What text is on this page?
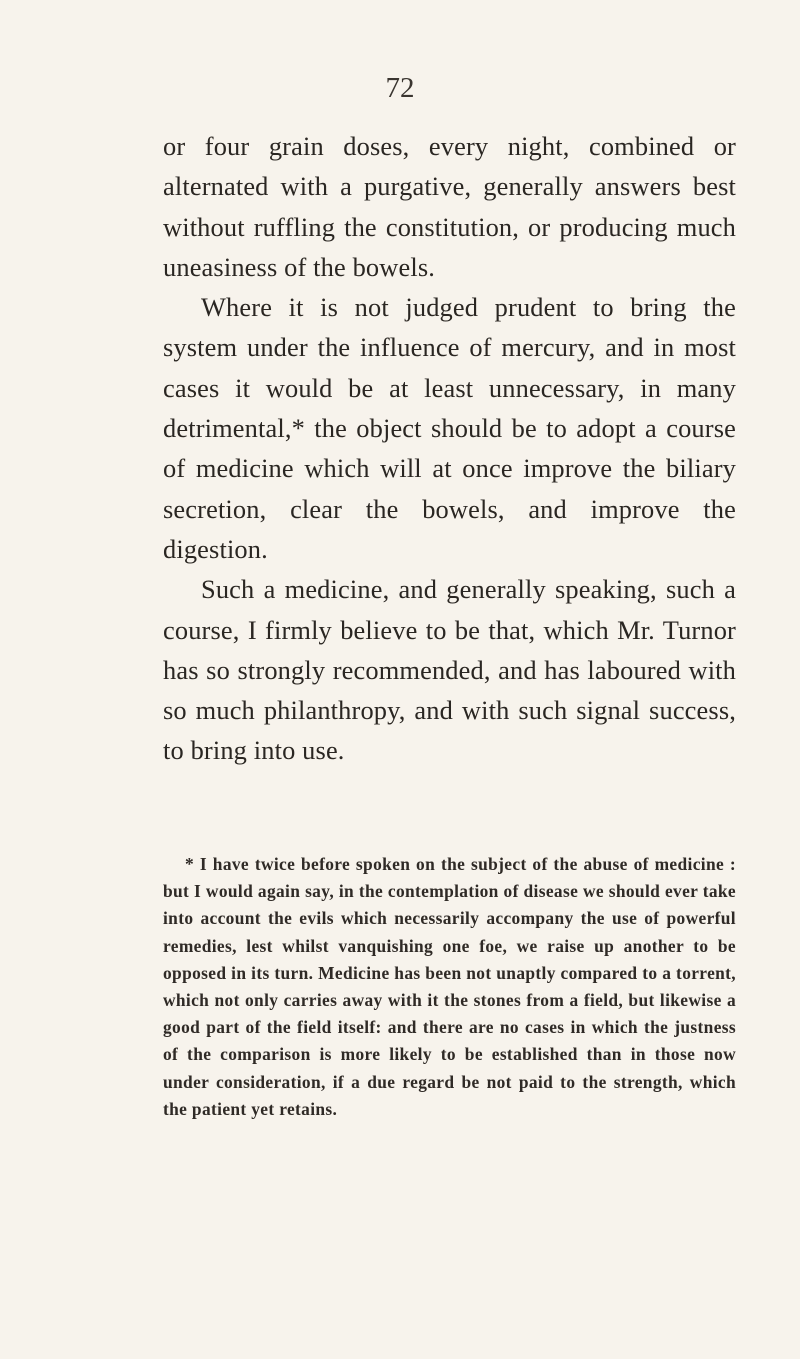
72

or four grain doses, every night, combined or alternated with a purgative, generally answers best without ruffling the constitution, or producing much uneasiness of the bowels.

Where it is not judged prudent to bring the system under the influence of mercury, and in most cases it would be at least unnecessary, in many detrimental,* the object should be to adopt a course of medicine which will at once improve the biliary secretion, clear the bowels, and improve the digestion.

Such a medicine, and generally speaking, such a course, I firmly believe to be that, which Mr. Turnor has so strongly recommended, and has laboured with so much philanthropy, and with such signal success, to bring into use.

* I have twice before spoken on the subject of the abuse of medicine : but I would again say, in the contemplation of disease we should ever take into account the evils which necessarily accompany the use of powerful remedies, lest whilst vanquishing one foe, we raise up another to be opposed in its turn. Medicine has been not unaptly compared to a torrent, which not only carries away with it the stones from a field, but likewise a good part of the field itself: and there are no cases in which the justness of the comparison is more likely to be established than in those now under consideration, if a due regard be not paid to the strength, which the patient yet retains.
